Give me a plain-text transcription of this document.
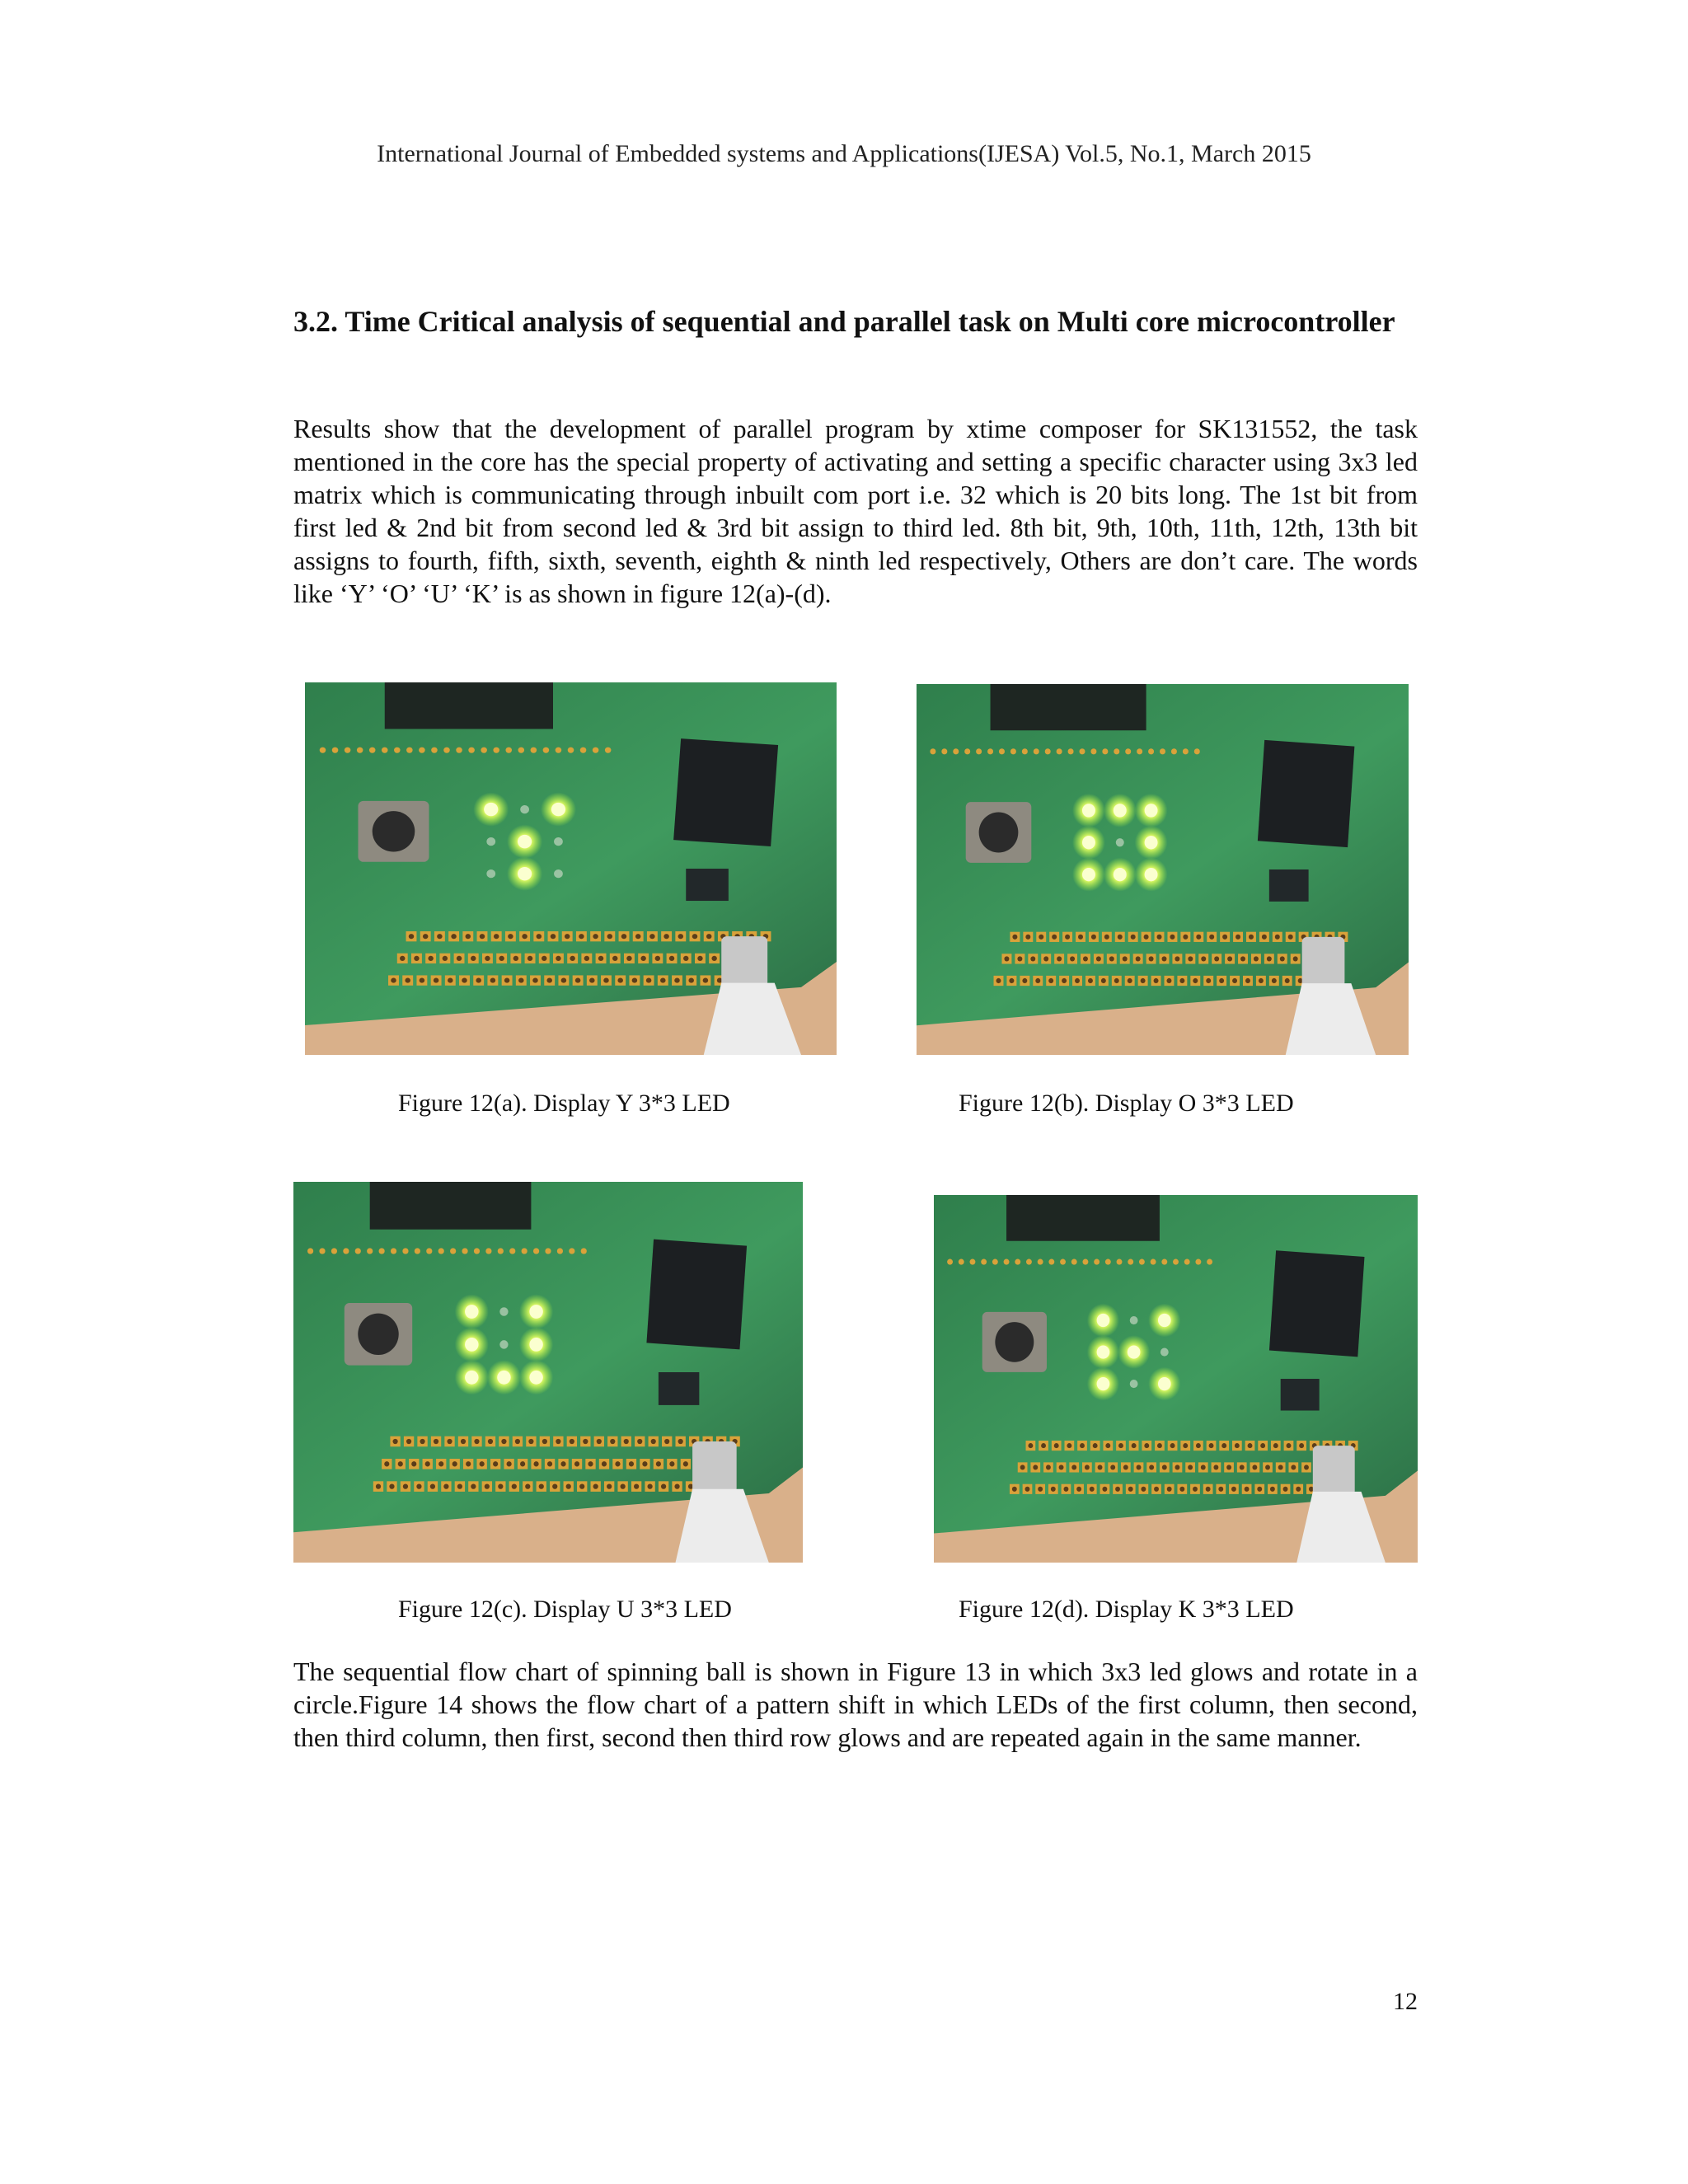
International Journal of Embedded systems and Applications(IJESA) Vol.5, No.1, March 2015
3.2. Time Critical analysis of sequential and parallel task on Multi core microcontroller
Results show that the development of parallel program by xtime composer for SK131552, the task mentioned in the core has the special property of activating and setting a specific character using 3x3 led matrix which is communicating through inbuilt com port i.e. 32 which is 20 bits long. The 1st bit from first led & 2nd bit from second led & 3rd bit assign to third led. 8th bit, 9th, 10th, 11th, 12th, 13th bit assigns to fourth, fifth, sixth, seventh, eighth & ninth led respectively, Others are don’t care. The words like ‘Y’ ‘O’ ‘U’ ‘K’ is as shown in figure 12(a)-(d).
Figure 12(a). Display Y 3*3 LED	Figure 12(b). Display O 3*3 LED
Figure 12(c). Display U 3*3 LED	Figure 12(d). Display K 3*3 LED
The sequential flow chart of spinning ball is shown in Figure 13 in which 3x3 led glows and rotate in a circle.Figure 14 shows the flow chart of a pattern shift in which LEDs of the first column, then second, then third column, then first, second then third row glows and are repeated again in the same manner.
12
